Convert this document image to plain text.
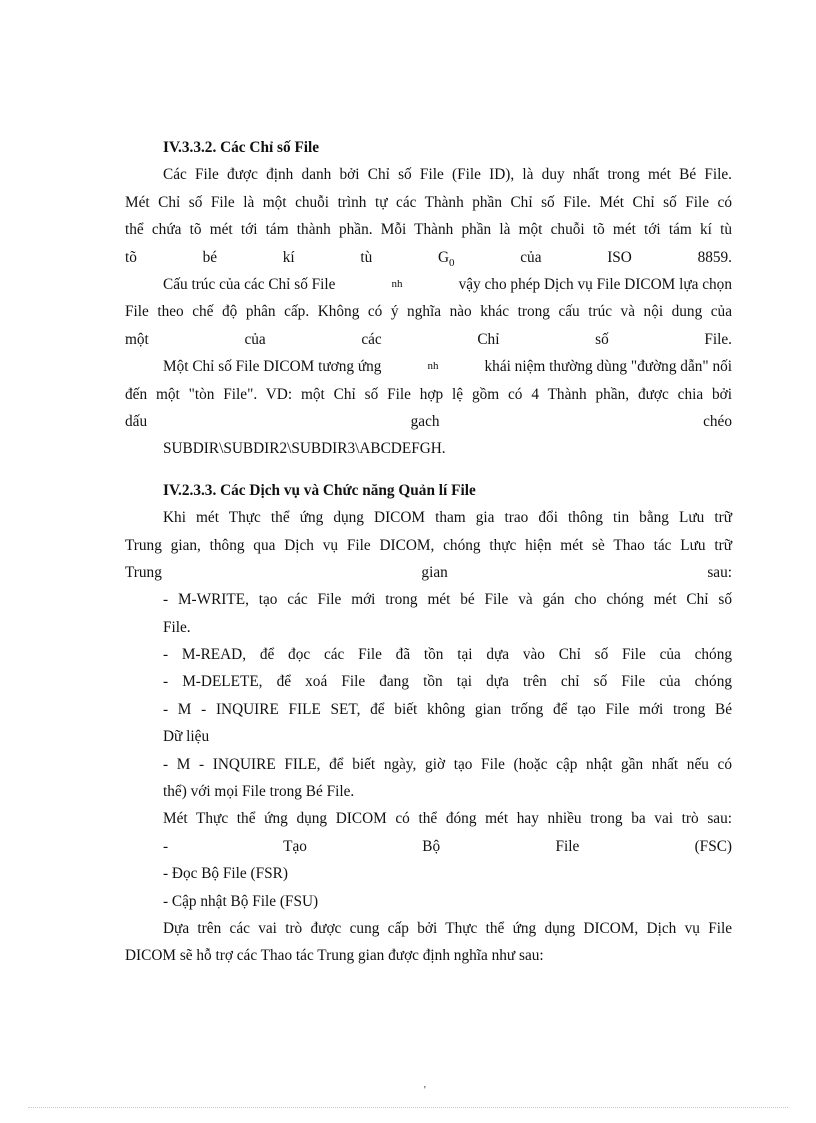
IV.3.3.2. Các Chỉ số File

Các File được định danh bởi Chỉ số File (File ID), là duy nhất trong mét Bé File.

Mét Chỉ số File là một chuỗi trình tự các Thành phần Chỉ số File. Mét Chỉ số File có

thể chứa tõ mét tới tám thành phần. Mỗi Thành phần là một chuỗi tõ mét tới tám kí tù

tõ bé kí tù $G_0$	của ISO 8859.

Cấu trúc của các Chỉ số File	nh	vậy cho phép Dịch vụ File DICOM lựa chọn

File theo chế độ phân cấp. Không có ý nghĩa nào khác trong cấu trúc và nội dung của

một của các Chỉ số File.

Một Chỉ số File DICOM tương ứng	nh	khái niệm thường dùng "đường dẫn" nối

đến một "tòn File". VD: một Chỉ số File hợp lệ gồm có 4 Thành phần, được chia bởi

dấu gach chéo

SUBDIR\SUBDIR2\SUBDIR3\ABCDEFGH.

IV.2.3.3. Các Dịch vụ và Chức năng Quản lí File

Khi mét Thực thể ứng dụng DICOM tham gia trao đổi thông tin bằng Lưu trữ

Trung gian, thông qua Dịch vụ File DICOM, chóng thực hiện mét sè Thao tác Lưu trữ

Trung gian sau:

- M-WRITE, tạo các File mới trong mét bé File và gán cho chóng mét Chỉ số

File.

- M-READ, để đọc các File đã tồn tại dựa vào Chỉ số File của chóng

- M-DELETE, để xoá File đang tồn tại dựa trên chỉ số File của chóng

- M - INQUIRE FILE SET, để biết không gian trống để tạo File mới trong Bé

Dữ liệu

- M - INQUIRE FILE, để biết ngày, giờ tạo File (hoặc cập nhật gần nhất nếu có

thể) với mọi File trong Bé File.

Mét Thực thể ứng dụng DICOM có thể đóng mét hay nhiều trong ba vai trò sau:

- Tạo Bộ File (FSC)

- Đọc Bộ File (FSR)

- Cập nhật Bộ File (FSU)

Dựa trên các vai trò được cung cấp bởi Thực thể ứng dụng DICOM, Dịch vụ File

DICOM sẽ hỗ trợ các Thao tác Trung gian được định nghĩa như sau:

'
